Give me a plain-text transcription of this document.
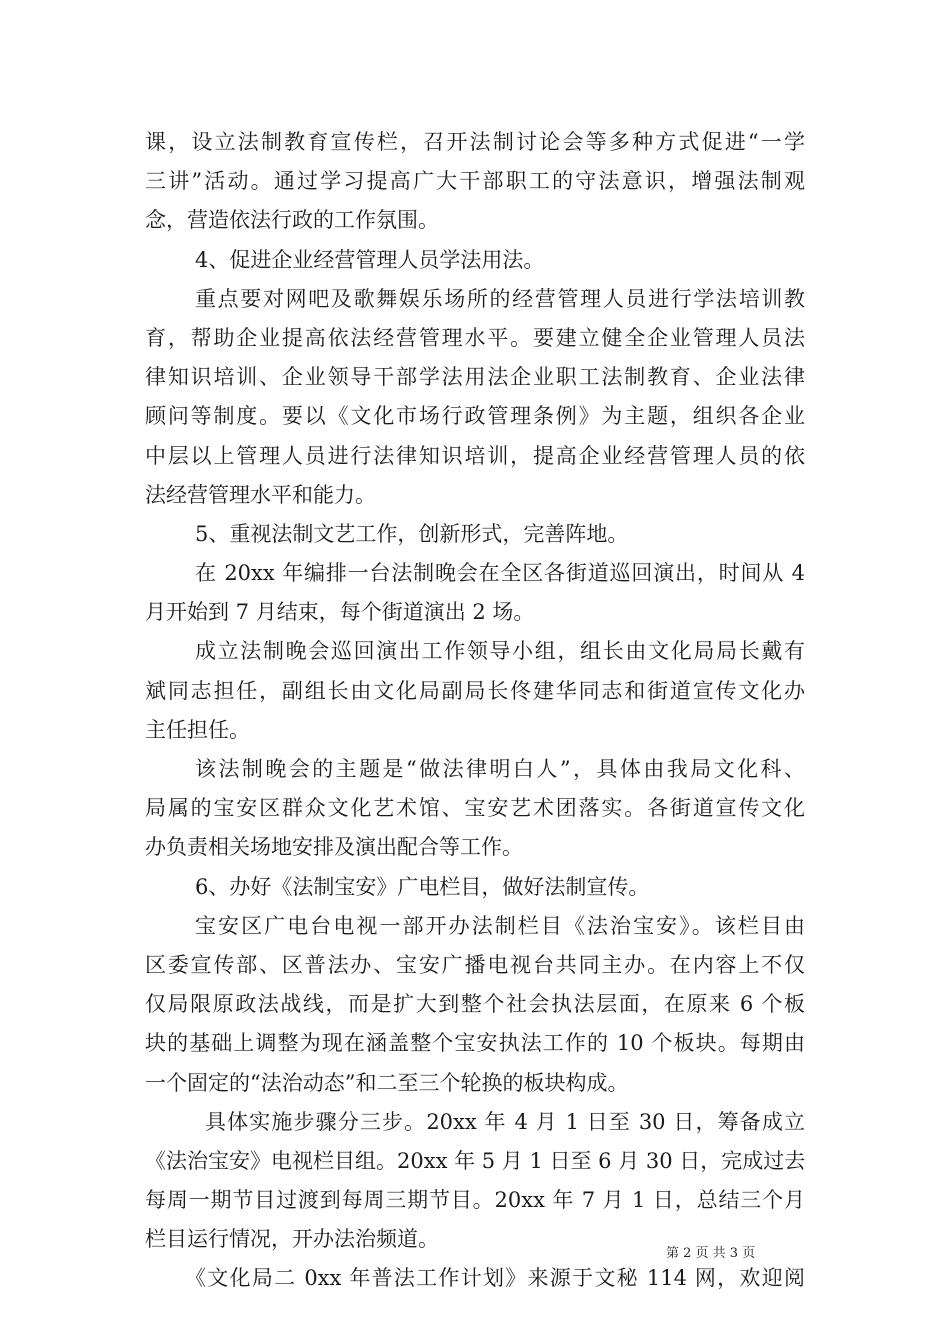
课，设立法制教育宣传栏，召开法制讨论会等多种方式促进“一学
三讲”活动。通过学习提高广大干部职工的守法意识，增强法制观
念，营造依法行政的工作氛围。
4、促进企业经营管理人员学法用法。
重点要对网吧及歌舞娱乐场所的经营管理人员进行学法培训教
育，帮助企业提高依法经营管理水平。要建立健全企业管理人员法
律知识培训、企业领导干部学法用法企业职工法制教育、企业法律
顾问等制度。要以《文化市场行政管理条例》为主题，组织各企业
中层以上管理人员进行法律知识培训，提高企业经营管理人员的依
法经营管理水平和能力。
5、重视法制文艺工作，创新形式，完善阵地。
在 20xx 年编排一台法制晚会在全区各街道巡回演出，时间从 4
月开始到 7 月结束，每个街道演出 2 场。
成立法制晚会巡回演出工作领导小组，组长由文化局局长戴有
斌同志担任，副组长由文化局副局长佟建华同志和街道宣传文化办
主任担任。
该法制晚会的主题是“做法律明白人”，具体由我局文化科、
局属的宝安区群众文化艺术馆、宝安艺术团落实。各街道宣传文化
办负责相关场地安排及演出配合等工作。
6、办好《法制宝安》广电栏目，做好法制宣传。
宝安区广电台电视一部开办法制栏目《法治宝安》。该栏目由
区委宣传部、区普法办、宝安广播电视台共同主办。在内容上不仅
仅局限原政法战线，而是扩大到整个社会执法层面，在原来 6 个板
块的基础上调整为现在涵盖整个宝安执法工作的 10 个板块。每期由
一个固定的“法治动态”和二至三个轮换的板块构成。
具体实施步骤分三步。20xx 年 4 月 1 日至 30 日，筹备成立
《法治宝安》电视栏目组。20xx 年 5 月 1 日至 6 月 30 日，完成过去
每周一期节目过渡到每周三期节目。20xx 年 7 月 1 日，总结三个月
栏目运行情况，开办法治频道。
《文化局二 0xx 年普法工作计划》来源于文秘 114 网，欢迎阅
第 2 页 共 3 页
